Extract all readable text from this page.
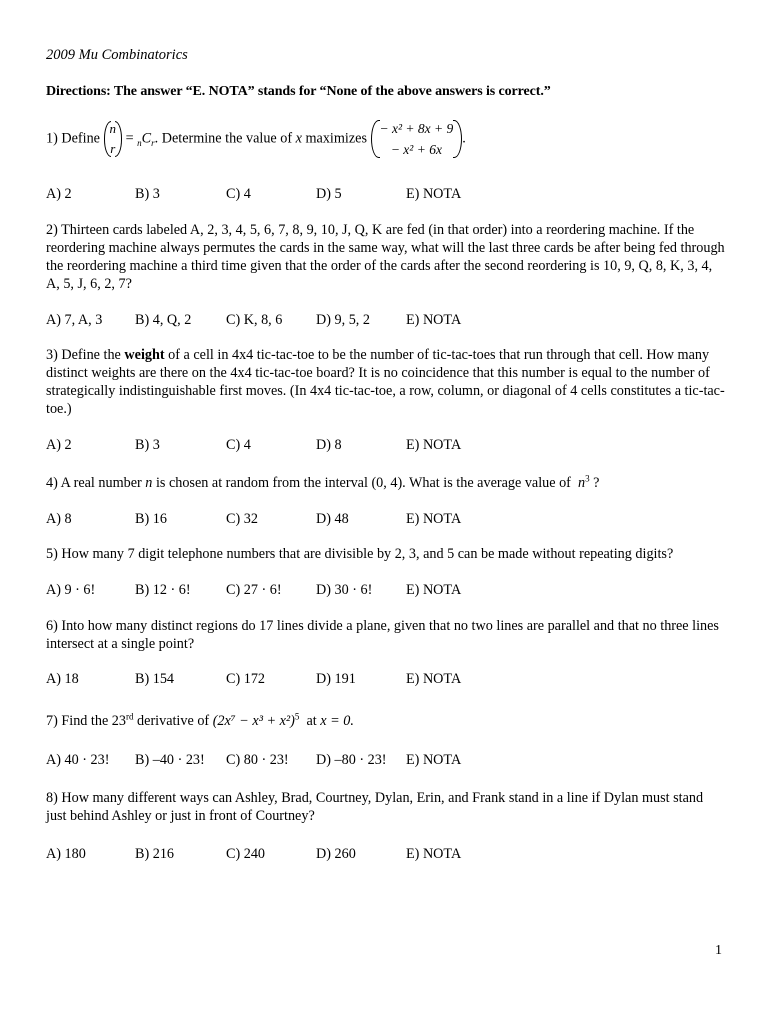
2009 Mu Combinatorics
Directions: The answer “E. NOTA” stands for “None of the above answers is correct.”
1) Define
n
r
= $_nC_r$. Determine the value of x maximizes
− x² + 8x + 9
− x² + 6x
.
A) 2	B) 3	C) 4	D) 5	E) NOTA

2) Thirteen cards labeled A, 2, 3, 4, 5, 6, 7, 8, 9, 10, J, Q, K are fed (in that order) into a reordering machine. If the reordering machine always permutes the cards in the same way, what will the last three cards be after being fed through the reordering machine a third time given that the order of the cards after the second reordering is 10, 9, Q, 8, K, 3, 4, A, 5, J, 6, 2, 7?

A) 7, A, 3 B) 4, Q, 2 C) K, 8, 6 D) 9, 5, 2	E) NOTA

3) Define the weight of a cell in 4x4 tic-tac-toe to be the number of tic-tac-toes that run through that cell. How many distinct weights are there on the 4x4 tic-tac-toe board? It is no coincidence that this number is equal to the number of strategically indistinguishable first moves. (In 4x4 tic-tac-toe, a row, column, or diagonal of 4 cells constitutes a tic-tac-toe.)

A) 2	B) 3	C) 4	D) 8	E) NOTA
4) A real number n is chosen at random from the interval (0, 4). What is the average value of $n^3$ ?
A) 8	B) 16	C) 32	D) 48	E) NOTA

5) How many 7 digit telephone numbers that are divisible by 2, 3, and 5 can be made without repeating digits?

A) 9 · 6!	B) 12 · 6! C) 27 · 6! D) 30 · 6! E) NOTA

6) Into how many distinct regions do 17 lines divide a plane, given that no two lines are parallel and that no three lines intersect at a single point?

A) 18	B) 154	C) 172	D) 191	E) NOTA
7) Find the 23rd derivative of $(2x^7 - x^3 + x^2)^5$ at x = 0.
A) 40 · 23! B) –40 · 23! C) 80 · 23! D) –80 · 23! E) NOTA

8) How many different ways can Ashley, Brad, Courtney, Dylan, Erin, and Frank stand in a line if Dylan must stand just behind Ashley or just in front of Courtney?

A) 180	B) 216	C) 240	D) 260	E) NOTA
1
